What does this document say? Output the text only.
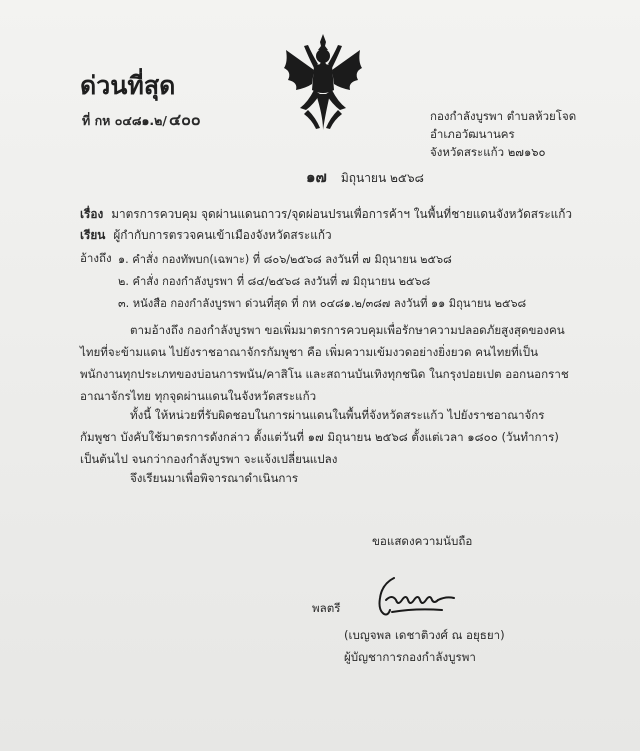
ด่วนที่สุด
ที่ กห ๐๔๘๑.๒/ ๔๐๐	กองกำลังบูรพา ตำบลห้วยโจด
อำเภอวัฒนานคร
จังหวัดสระแก้ว ๒๗๑๖๐
๑๗ มิถุนายน ๒๕๖๘
เรื่อง มาตรการควบคุม จุดผ่านแดนถาวร/จุดผ่อนปรนเพื่อการค้าฯ ในพื้นที่ชายแดนจังหวัดสระแก้ว
เรียน ผู้กำกับการตรวจคนเข้าเมืองจังหวัดสระแก้ว
อ้างถึง ๑. คำสั่ง กองทัพบก(เฉพาะ) ที่ ๘๐๖/๒๕๖๘ ลงวันที่ ๗ มิถุนายน ๒๕๖๘
๒. คำสั่ง กองกำลังบูรพา ที่ ๘๔/๒๕๖๘ ลงวันที่ ๗ มิถุนายน ๒๕๖๘
๓. หนังสือ กองกำลังบูรพา ด่วนที่สุด ที่ กห ๐๔๘๑.๒/๓๘๗ ลงวันที่ ๑๑ มิถุนายน ๒๕๖๘
ตามอ้างถึง กองกำลังบูรพา ขอเพิ่มมาตรการควบคุมเพื่อรักษาความปลอดภัยสูงสุดของคนไทยที่จะข้ามแดน ไปยังราชอาณาจักรกัมพูชา คือ เพิ่มความเข้มงวดอย่างยิ่งยวด คนไทยที่เป็นพนักงานทุกประเภทของบ่อนการพนัน/คาสิโน และสถานบันเทิงทุกชนิด ในกรุงปอยเปต ออกนอกราชอาณาจักรไทย ทุกจุดผ่านแดนในจังหวัดสระแก้ว
ทั้งนี้ ให้หน่วยที่รับผิดชอบในการผ่านแดนในพื้นที่จังหวัดสระแก้ว ไปยังราชอาณาจักรกัมพูชา บังคับใช้มาตรการดังกล่าว ตั้งแต่วันที่ ๑๗ มิถุนายน ๒๕๖๘ ตั้งแต่เวลา ๑๘๐๐ (วันทำการ) เป็นต้นไป จนกว่ากองกำลังบูรพา จะแจ้งเปลี่ยนแปลง
จึงเรียนมาเพื่อพิจารณาดำเนินการ
ขอแสดงความนับถือ
พลตรี
(เบญจพล เดชาติวงศ์ ณ อยุธยา)
ผู้บัญชาการกองกำลังบูรพา
